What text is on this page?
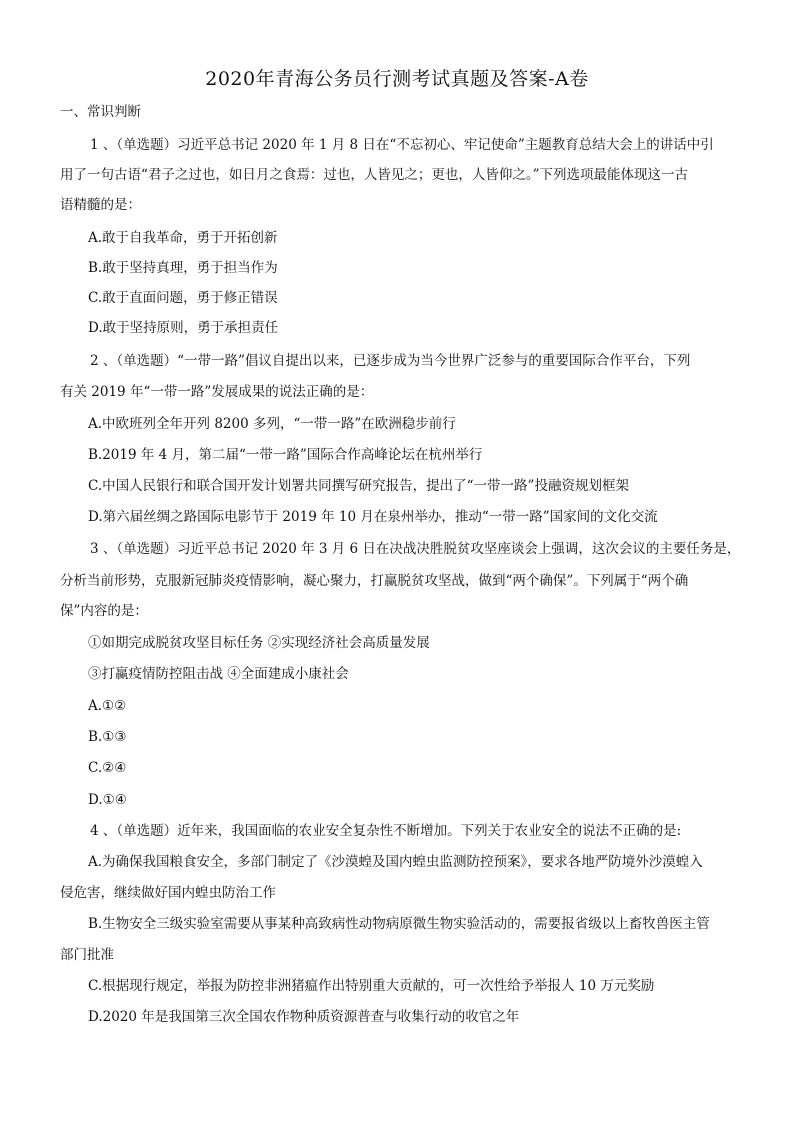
2020年青海公务员行测考试真题及答案-A卷
一、常识判断
1 、（单选题）习近平总书记 2020 年 1 月 8 日在“不忘初心、牢记使命”主题教育总结大会上的讲话中引
用了一句古语“君子之过也，如日月之食焉：过也，人皆见之；更也，人皆仰之。”下列选项最能体现这一古
语精髓的是：
A.敢于自我革命，勇于开拓创新
B.敢于坚持真理，勇于担当作为
C.敢于直面问题，勇于修正错误
D.敢于坚持原则，勇于承担责任
2 、（单选题）“一带一路”倡议自提出以来，已逐步成为当今世界广泛参与的重要国际合作平台，下列
有关 2019 年“一带一路”发展成果的说法正确的是：
A.中欧班列全年开列 8200 多列，“一带一路”在欧洲稳步前行
B.2019 年 4 月，第二届“一带一路”国际合作高峰论坛在杭州举行
C.中国人民银行和联合国开发计划署共同撰写研究报告，提出了“一带一路”投融资规划框架
D.第六届丝绸之路国际电影节于 2019 年 10 月在泉州举办，推动“一带一路”国家间的文化交流
3 、（单选题）习近平总书记 2020 年 3 月 6 日在决战决胜脱贫攻坚座谈会上强调，这次会议的主要任务是，
分析当前形势，克服新冠肺炎疫情影响，凝心聚力，打赢脱贫攻坚战，做到“两个确保”。下列属于“两个确
保”内容的是：
①如期完成脱贫攻坚目标任务 ②实现经济社会高质量发展
③打赢疫情防控阻击战 ④全面建成小康社会
A.①②
B.①③
C.②④
D.①④
4 、（单选题）近年来，我国面临的农业安全复杂性不断增加。下列关于农业安全的说法不正确的是:
A.为确保我国粮食安全，多部门制定了《沙漠蝗及国内蝗虫监测防控预案》，要求各地严防境外沙漠蝗入
侵危害，继续做好国内蝗虫防治工作
B.生物安全三级实验室需要从事某种高致病性动物病原微生物实验活动的，需要报省级以上畜牧兽医主管
部门批准
C.根据现行规定，举报为防控非洲猪瘟作出特别重大贡献的，可一次性给予举报人 10 万元奖励
D.2020 年是我国第三次全国农作物种质资源普查与收集行动的收官之年
